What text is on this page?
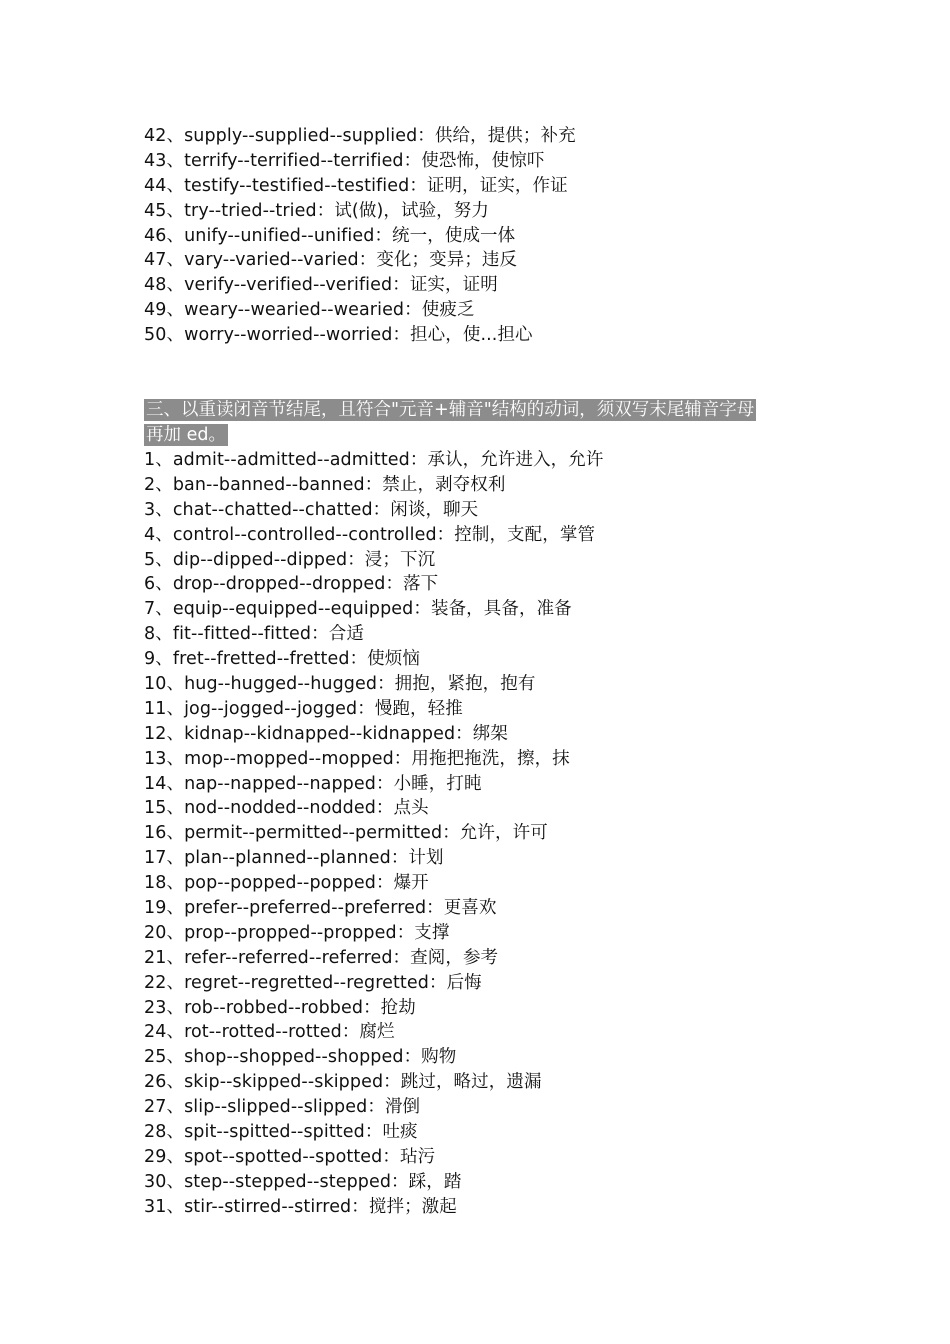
42、supply--supplied--supplied：供给，提供；补充
43、terrify--terrified--terrified：使恐怖，使惊吓
44、testify--testified--testified：证明，证实，作证
45、try--tried--tried：试(做)，试验，努力
46、unify--unified--unified：统一，使成一体
47、vary--varied--varied：变化；变异；违反
48、verify--verified--verified：证实，证明
49、weary--wearied--wearied：使疲乏
50、worry--worried--worried：担心，使...担心
三、以重读闭音节结尾，且符合"元音+辅音"结构的动词，须双写末尾辅音字母
再加 ed。
1、admit--admitted--admitted：承认，允许进入，允许
2、ban--banned--banned：禁止，剥夺权利
3、chat--chatted--chatted：闲谈，聊天
4、control--controlled--controlled：控制，支配，掌管
5、dip--dipped--dipped：浸；下沉
6、drop--dropped--dropped：落下
7、equip--equipped--equipped：装备，具备，准备
8、fit--fitted--fitted：合适
9、fret--fretted--fretted：使烦恼
10、hug--hugged--hugged：拥抱，紧抱，抱有
11、jog--jogged--jogged：慢跑，轻推
12、kidnap--kidnapped--kidnapped：绑架
13、mop--mopped--mopped：用拖把拖洗，擦，抹
14、nap--napped--napped：小睡，打盹
15、nod--nodded--nodded：点头
16、permit--permitted--permitted：允许，许可
17、plan--planned--planned：计划
18、pop--popped--popped：爆开
19、prefer--preferred--preferred：更喜欢
20、prop--propped--propped：支撑
21、refer--referred--referred：查阅，参考
22、regret--regretted--regretted：后悔
23、rob--robbed--robbed：抢劫
24、rot--rotted--rotted：腐烂
25、shop--shopped--shopped：购物
26、skip--skipped--skipped：跳过，略过，遗漏
27、slip--slipped--slipped：滑倒
28、spit--spitted--spitted：吐痰
29、spot--spotted--spotted：玷污
30、step--stepped--stepped：踩，踏
31、stir--stirred--stirred：搅拌；激起
